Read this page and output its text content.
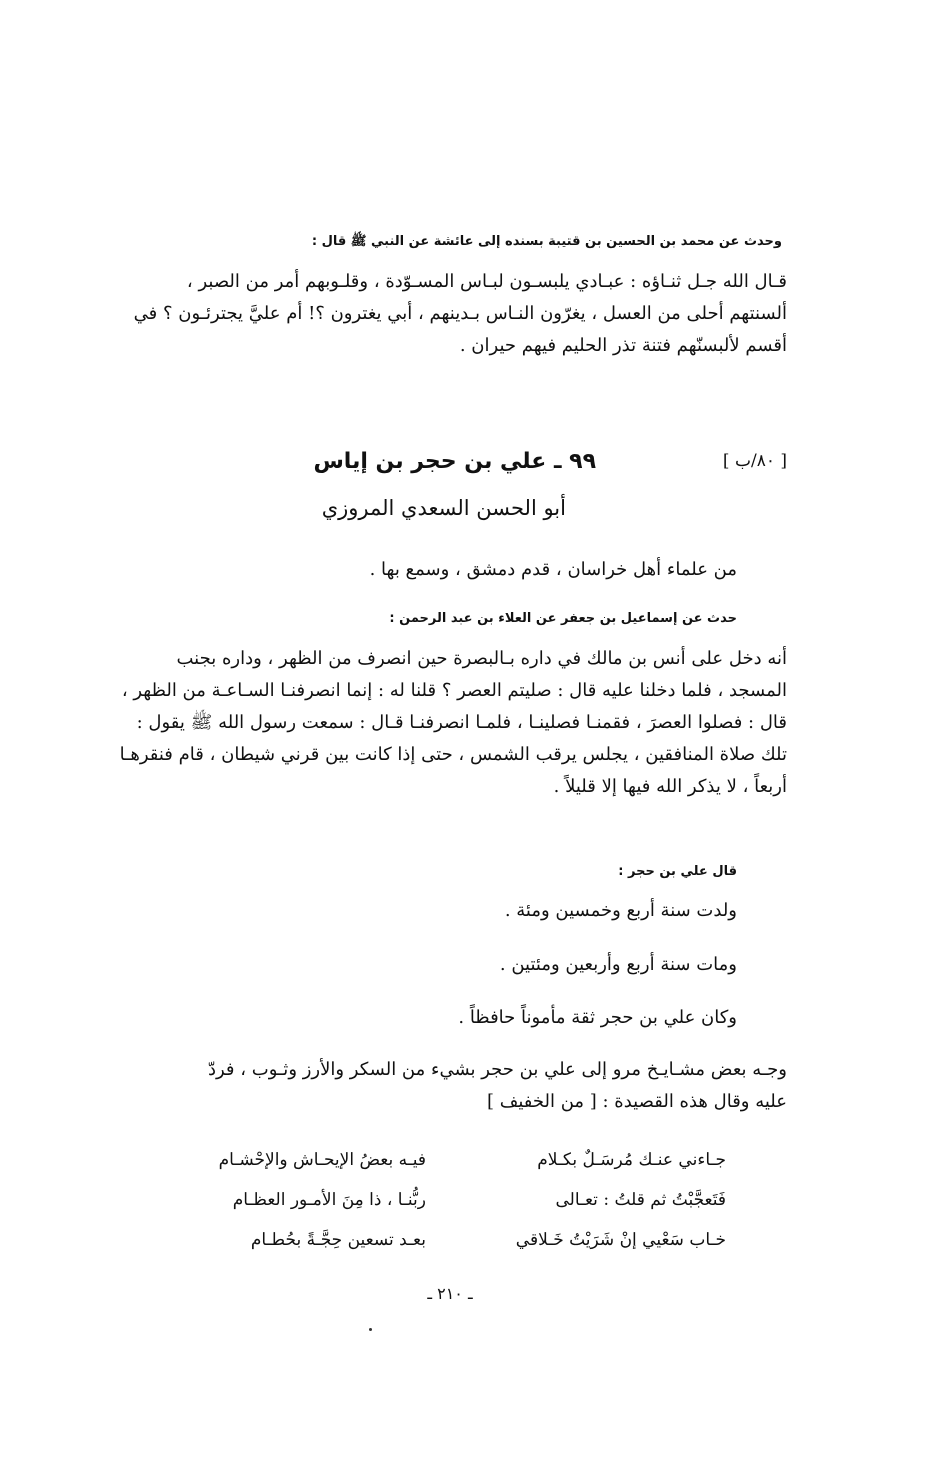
وحدث عن محمد بن الحسين بن قتيبة بسنده إلى عائشة عن النبي ﷺ قال :
قـال الله جـل ثنـاؤه : عبـادي يلبسـون لبـاس المسـوّدة ، وقلـوبهم أمر من الصبر ،
ألسنتهم أحلى من العسل ، يغرّون النـاس بـدينهم ، أبي يغترون ؟! أم عليَّ يجترئـون ؟ في
أقسم لألبسنّهم فتنة تذر الحليم فيهم حيران .
[ ٨٠/ب ]
٩٩ ـ علي بن حجر بن إياس
أبو الحسن السعدي المروزي
من علماء أهل خراسان ، قدم دمشق ، وسمع بها .
حدث عن إسماعيل بن جعفر عن العلاء بن عبد الرحمن :
أنه دخل على أنس بن مالك في داره بـالبصرة حين انصرف من الظهر ، وداره بجنب
المسجد ، فلما دخلنا عليه قال : صليتم العصر ؟ قلنا له : إنما انصرفنـا السـاعـة من الظهر ،
قال : فصلوا العصرَ ، فقمنـا فصلينـا ، فلمـا انصرفنـا قـال : سمعت رسول الله ﷺ يقول :
تلك صلاة المنافقين ، يجلس يرقب الشمس ، حتى إذا كانت بين قرني شيطان ، قام فنقرهـا
أربعاً ، لا يذكر الله فيها إلا قليلاً .
قال علي بن حجر :
ولدت سنة أربع وخمسين ومئة .
ومات سنة أربع وأربعين ومئتين .
وكان علي بن حجر ثقة مأموناً حافظاً .
وجـه بعض مشـايـخ مرو إلى علي بن حجر بشيء من السكر والأرز وثـوب ، فردّ
عليه وقال هذه القصيدة : [ من الخفيف ]
جـاءني عنـك مُرسَـلٌ بكـلام
فيـه بعضُ الإيحـاش والإحْشـام
فَتَعجَّبْتُ ثم قلتُ : تعـالى
ربُّنـا ، ذا مِنَ الأمـور العظـام
خـاب سَعْيي إنْ شَرَيْتُ خَـلاقي
بعـد تسعين حِجَّـةً بحُطـام
ـ ٢١٠ ـ
